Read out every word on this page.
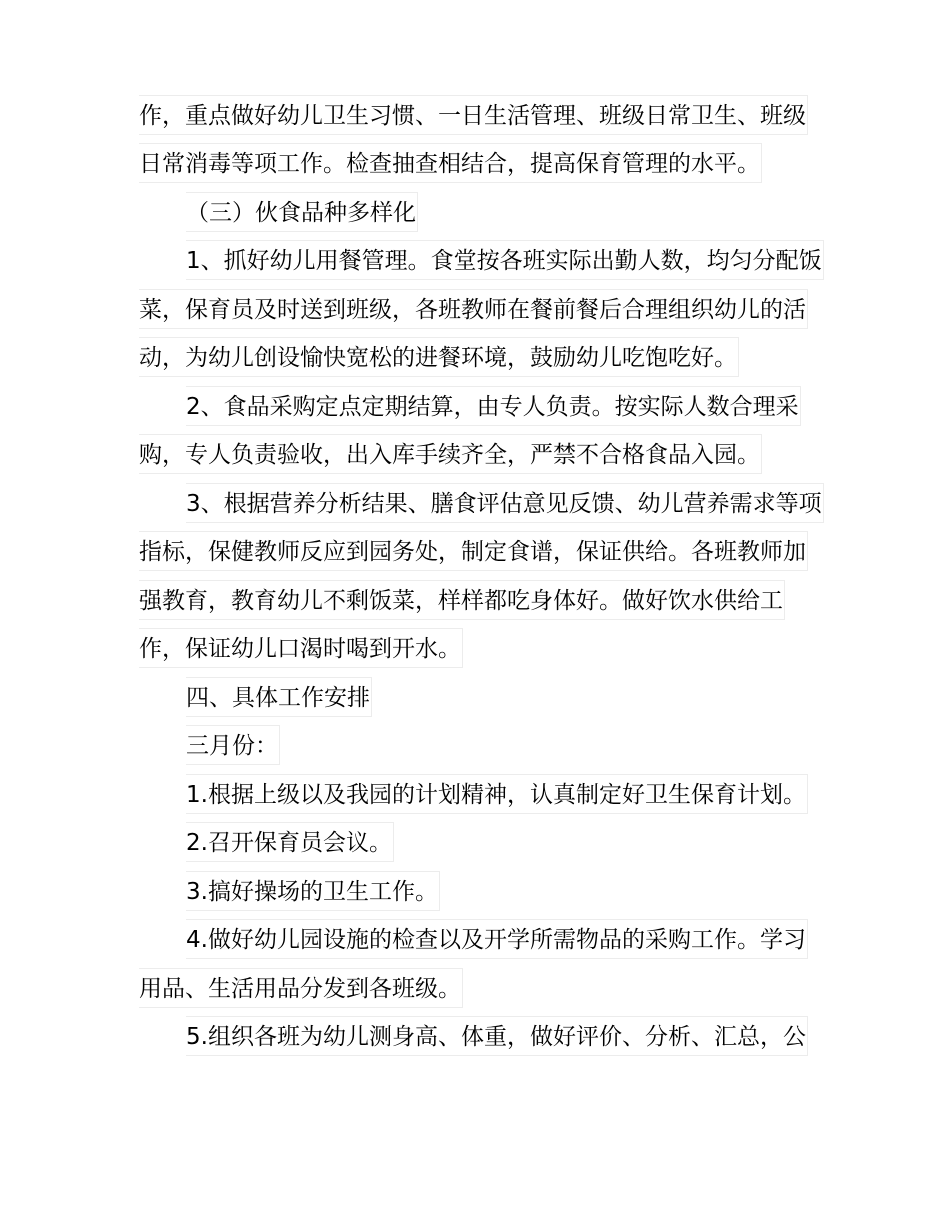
作，重点做好幼儿卫生习惯、一日生活管理、班级日常卫生、班级
日常消毒等项工作。检查抽查相结合，提高保育管理的水平。
（三）伙食品种多样化
1、抓好幼儿用餐管理。食堂按各班实际出勤人数，均匀分配饭
菜，保育员及时送到班级，各班教师在餐前餐后合理组织幼儿的活
动，为幼儿创设愉快宽松的进餐环境，鼓励幼儿吃饱吃好。
2、食品采购定点定期结算，由专人负责。按实际人数合理采
购，专人负责验收，出入库手续齐全，严禁不合格食品入园。
3、根据营养分析结果、膳食评估意见反馈、幼儿营养需求等项
指标，保健教师反应到园务处，制定食谱，保证供给。各班教师加
强教育，教育幼儿不剩饭菜，样样都吃身体好。做好饮水供给工
作，保证幼儿口渴时喝到开水。
四、具体工作安排
三月份：
1.根据上级以及我园的计划精神，认真制定好卫生保育计划。
2.召开保育员会议。
3.搞好操场的卫生工作。
4.做好幼儿园设施的检查以及开学所需物品的采购工作。学习
用品、生活用品分发到各班级。
5.组织各班为幼儿测身高、体重，做好评价、分析、汇总，公
